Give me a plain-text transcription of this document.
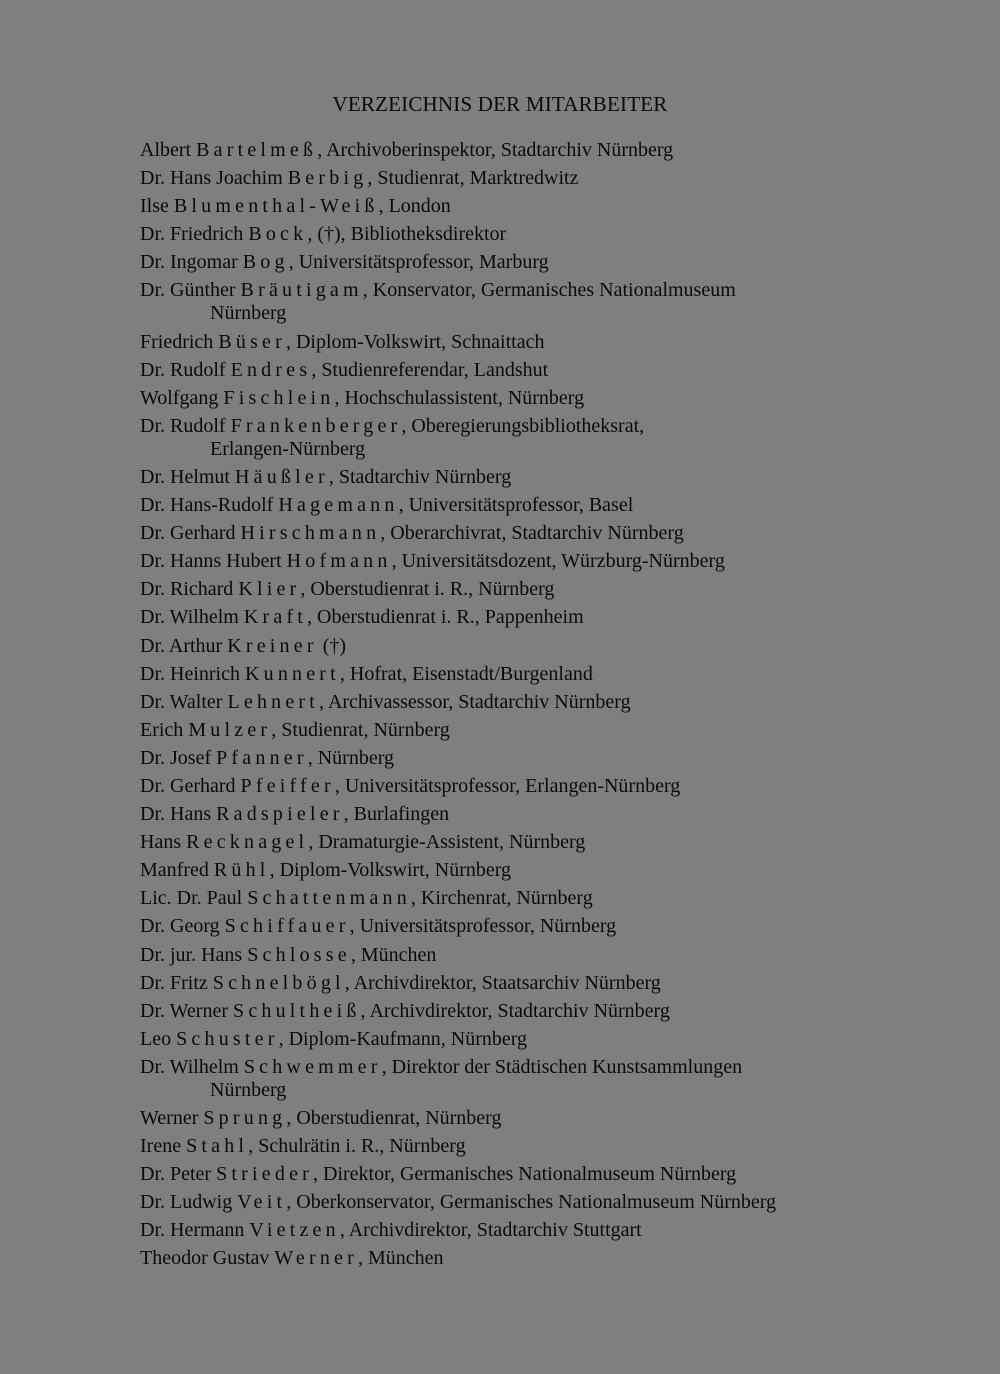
VERZEICHNIS DER MITARBEITER
Albert Bartelmeß, Archivoberinspektor, Stadtarchiv Nürnberg
Dr. Hans Joachim Berbig, Studienrat, Marktredwitz
Ilse Blumenthal-Weiß, London
Dr. Friedrich Bock, (†), Bibliotheksdirektor
Dr. Ingomar Bog, Universitätsprofessor, Marburg
Dr. Günther Bräutigam, Konservator, Germanisches Nationalmuseum
Nürnberg
Friedrich Büser, Diplom-Volkswirt, Schnaittach
Dr. Rudolf Endres, Studienreferendar, Landshut
Wolfgang Fischlein, Hochschulassistent, Nürnberg
Dr. Rudolf Frankenberger, Oberegierungsbibliotheksrat,
Erlangen-Nürnberg
Dr. Helmut Häußler, Stadtarchiv Nürnberg
Dr. Hans-Rudolf Hagemann, Universitätsprofessor, Basel
Dr. Gerhard Hirschmann, Oberarchivrat, Stadtarchiv Nürnberg
Dr. Hanns Hubert Hofmann, Universitätsdozent, Würzburg-Nürnberg
Dr. Richard Klier, Oberstudienrat i. R., Nürnberg
Dr. Wilhelm Kraft, Oberstudienrat i. R., Pappenheim
Dr. Arthur Kreiner (†)
Dr. Heinrich Kunnert, Hofrat, Eisenstadt/Burgenland
Dr. Walter Lehnert, Archivassessor, Stadtarchiv Nürnberg
Erich Mulzer, Studienrat, Nürnberg
Dr. Josef Pfanner, Nürnberg
Dr. Gerhard Pfeiffer, Universitätsprofessor, Erlangen-Nürnberg
Dr. Hans Radspieler, Burlafingen
Hans Recknagel, Dramaturgie-Assistent, Nürnberg
Manfred Rühl, Diplom-Volkswirt, Nürnberg
Lic. Dr. Paul Schattenmann, Kirchenrat, Nürnberg
Dr. Georg Schiffauer, Universitätsprofessor, Nürnberg
Dr. jur. Hans Schlosse, München
Dr. Fritz Schnelbögl, Archivdirektor, Staatsarchiv Nürnberg
Dr. Werner Schultheiß, Archivdirektor, Stadtarchiv Nürnberg
Leo Schuster, Diplom-Kaufmann, Nürnberg
Dr. Wilhelm Schwemmer, Direktor der Städtischen Kunstsammlungen
Nürnberg
Werner Sprung, Oberstudienrat, Nürnberg
Irene Stahl, Schulrätin i. R., Nürnberg
Dr. Peter Strieder, Direktor, Germanisches Nationalmuseum Nürnberg
Dr. Ludwig Veit, Oberkonservator, Germanisches Nationalmuseum Nürnberg
Dr. Hermann Vietzen, Archivdirektor, Stadtarchiv Stuttgart
Theodor Gustav Werner, München
